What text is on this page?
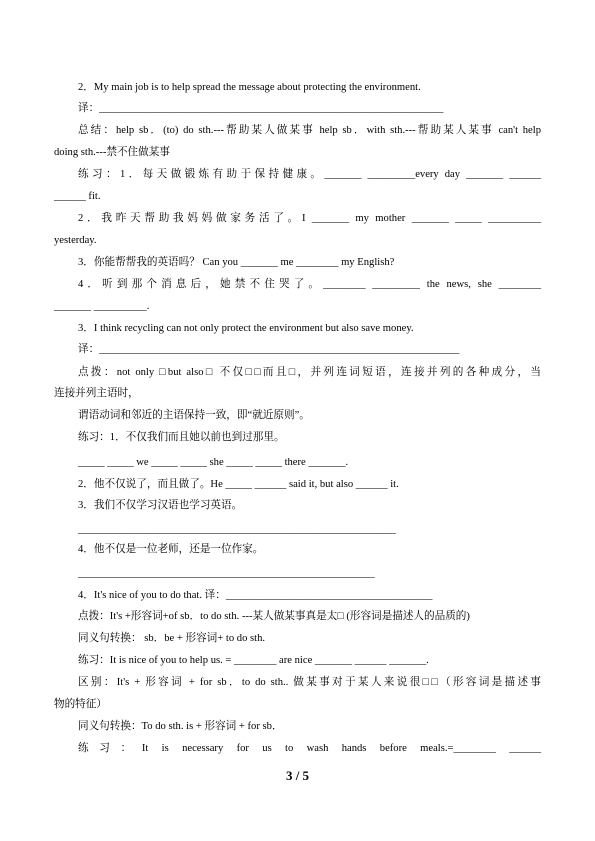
2．My main job is to help spread the message about protecting the environment.
译：_________________________________________________________________
总结：help sb．(to) do sth.---帮助某人做某事 help sb．with sth.---帮助某人某事 can't help
doing sth.---禁不住做某事
练习：1．每天做锻炼有助于保持健康。_______ _________every day _______ ______
______ fit.
2．我昨天帮助我妈妈做家务活了。I _______ my mother _______ _____ __________
yesterday.
3．你能帮帮我的英语吗？ Can you _______ me ________ my English?
4．听到那个消息后，她禁不住哭了。________ _________ the news, she ________
_______ __________.
3．I think recycling can not only protect the environment but also save money.
译：____________________________________________________________________
点拨：not only □but also□ 不仅□□而且□，并列连词短语，连接并列的各种成分，当
连接并列主语时，
谓语动词和邻近的主语保持一致，即“就近原则”。
练习：1．不仅我们而且她以前也到过那里。
_____ _____ we _____ _____ she _____ _____ there _______.
2．他不仅说了，而且做了。He _____ ______ said it, but also ______ it.
3．我们不仅学习汉语也学习英语。
____________________________________________________________
4．他不仅是一位老师，还是一位作家。
________________________________________________________
4．It's nice of you to do that. 译：_______________________________________
点拨：It's +形容词+of sb．to do sth. ---某人做某事真是太□ (形容词是描述人的品质的)
同义句转换： sb．be + 形容词+ to do sth.
练习：It is nice of you to help us. = ________ are nice _______ ______ _______.
区别：It's + 形容词 + for sb．to do sth.. 做某事对于某人来说很□□（形容词是描述事
物的特征）
同义句转换：To do sth. is + 形容词 + for sb．
练习：It is necessary for us to wash hands before meals.=________ ______
3 / 5
